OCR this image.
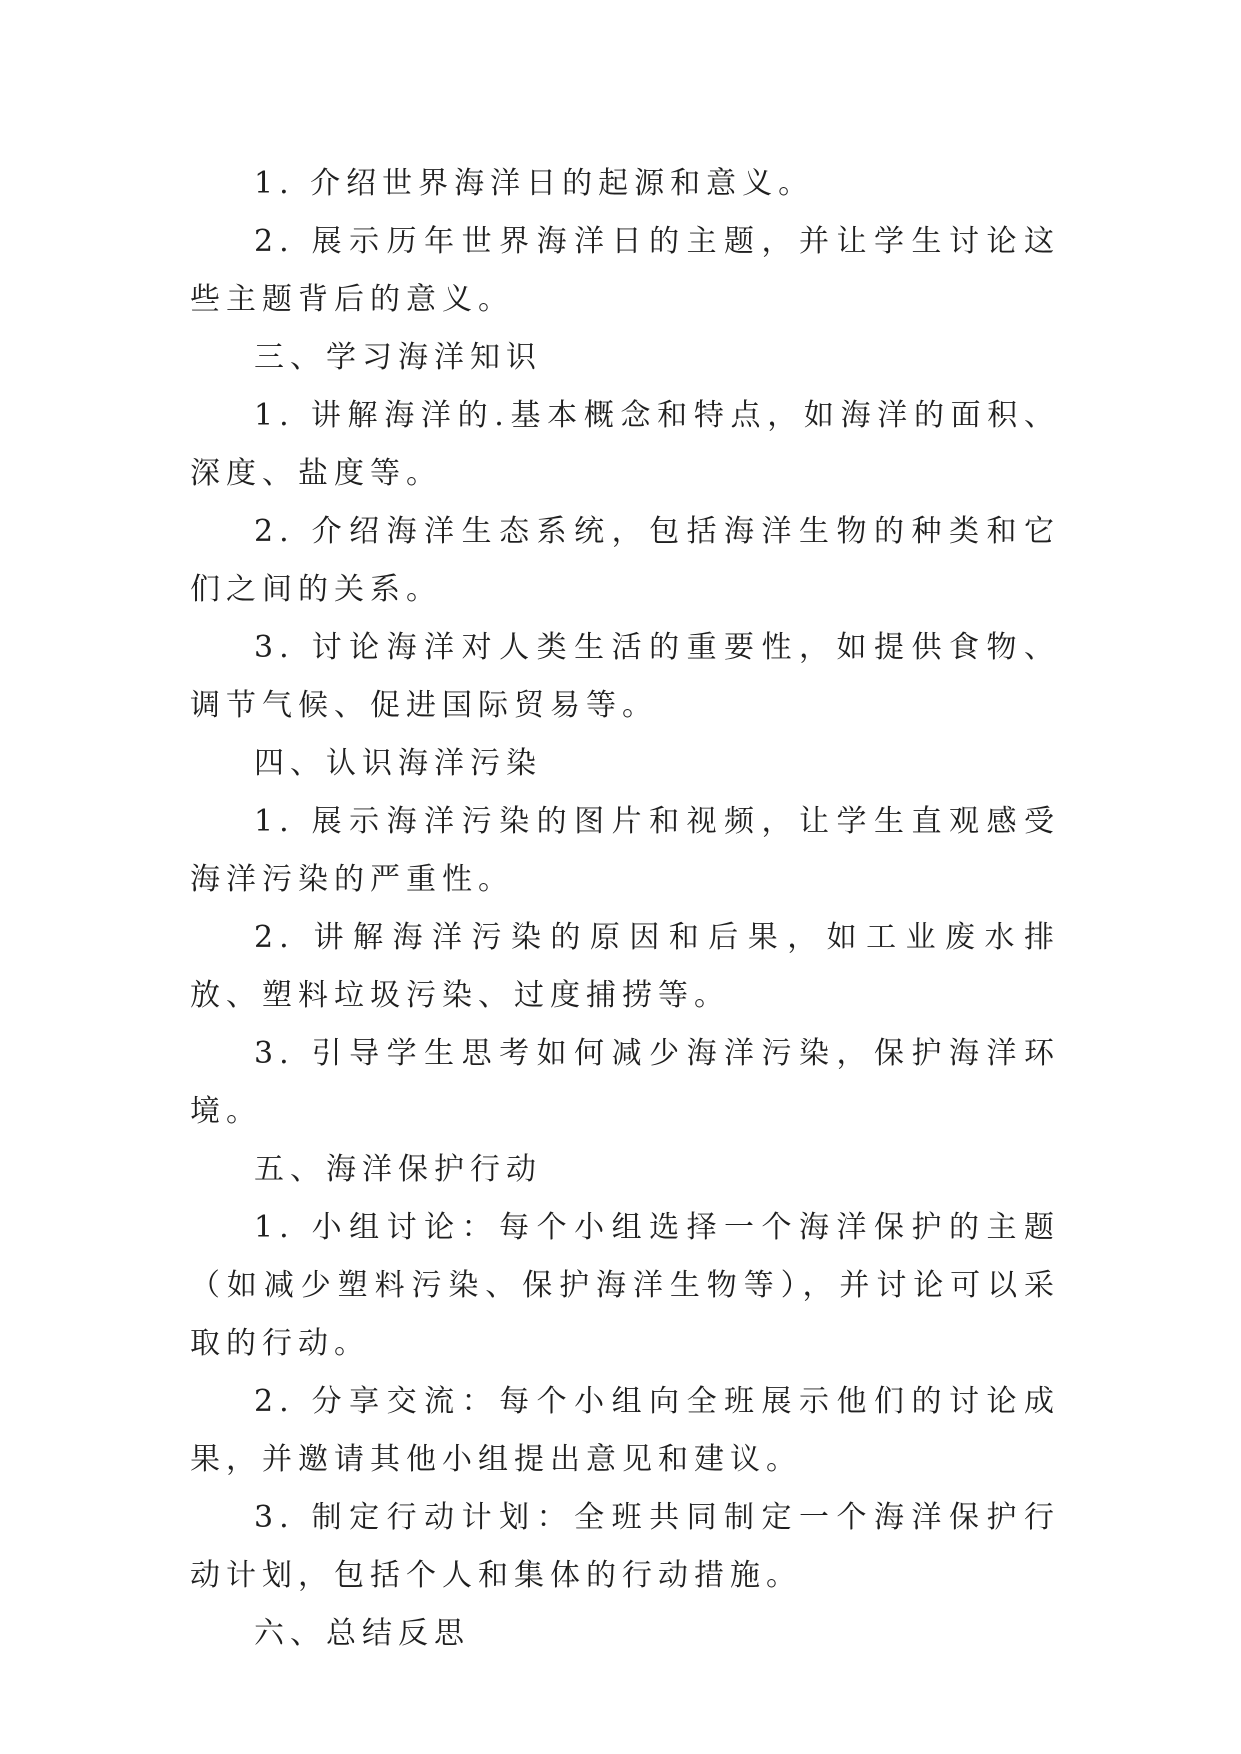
1. 介绍世界海洋日的起源和意义。

2. 展示历年世界海洋日的主题，并让学生讨论这些主题背后的意义。

三、学习海洋知识

1. 讲解海洋的.基本概念和特点，如海洋的面积、深度、盐度等。

2. 介绍海洋生态系统，包括海洋生物的种类和它们之间的关系。

3. 讨论海洋对人类生活的重要性，如提供食物、调节气候、促进国际贸易等。

四、认识海洋污染

1. 展示海洋污染的图片和视频，让学生直观感受海洋污染的严重性。

2. 讲解海洋污染的原因和后果，如工业废水排放、塑料垃圾污染、过度捕捞等。

3. 引导学生思考如何减少海洋污染，保护海洋环境。

五、海洋保护行动

1. 小组讨论：每个小组选择一个海洋保护的主题（如减少塑料污染、保护海洋生物等），并讨论可以采取的行动。

2. 分享交流：每个小组向全班展示他们的讨论成果，并邀请其他小组提出意见和建议。

3. 制定行动计划：全班共同制定一个海洋保护行动计划，包括个人和集体的行动措施。

六、总结反思
